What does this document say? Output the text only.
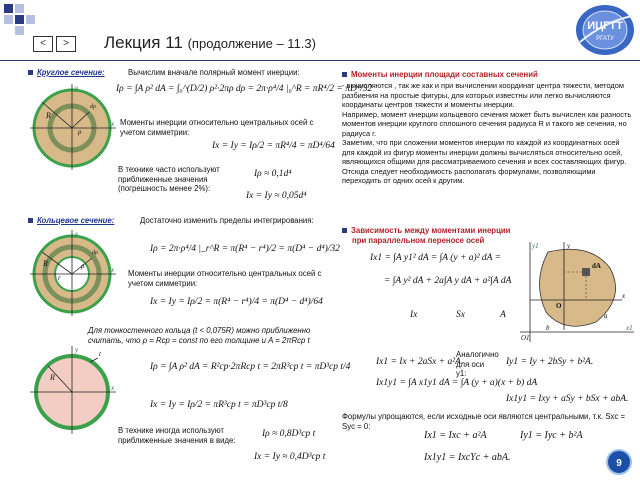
<	>	Лекция 11 (продолжение – 11.3)
ИЦГТТ
РГАТУ
Круглое сечение:	Вычислим вначале полярный момент инерции:
y
x
R
ρ
dρ
Iρ = ∫A ρ² dA = ∫₀^(D/2) ρ²·2πρ dρ = 2π·ρ⁴/4 |₀^R = πR⁴/2 = πD⁴/32
Моменты инерции относительно центральных осей с учетом симметрии:
Ix = Iy = Iρ/2 = πR⁴/4 = πD⁴/64
В технике часто используют приближенные значения (погрешность менее 2%):
Iρ ≈ 0,1d⁴
Ix = Iy ≈ 0,05d⁴
Кольцевое сечение:	Достаточно изменить пределы интегрирования:
y
x
R
r
ρ
dρ	Iρ = 2π·ρ⁴/4 |_r^R = π(R⁴ − r⁴)/2 = π(D⁴ − d⁴)/32
Моменты инерции относительно центральных осей с учетом симметрии:
Ix = Iy = Iρ/2 = π(R⁴ − r⁴)/4 = π(D⁴ − d⁴)/64
Для тонкостенного кольца (t < 0,075R) можно приближенно считать, что ρ = Rср = const по его толщине и A = 2πRср t
y
x
R
t
Iρ = ∫A ρ² dA = R²ср·2πRср t = 2πR³ср t = πD³ср t/4
Ix = Iy = Iρ/2 = πR³ср t = πD³ср t/8
В технике иногда используют приближенные значения в виде:
Iρ ≈ 0,8D³ср t
Ix = Iy ≈ 0,4D³ср t
Моменты инерции площади составных сечений
- вычисляются , так же как и при вычислении координат центра тяжести, методом разбиения на простые фигуры, для которых известны или легко вычисляются координаты центров тяжести и моменты инерции.
Например, момент инерции кольцевого сечения может быть вычислен как разность моментов инерции круглого сплошного сечения радиуса R и такого же сечения, но радиуса r.
Заметим, что при сложении моментов инерции по каждой из координатных осей для каждой из фигур моменты инерции должны вычисляться относительно осей, являющихся общими для рассматриваемого сечения и всех составляющих фигур. Отсюда следует необходимость располагать формулами, позволяющими переходить от одних осей к другим.
Зависимость между моментами инерции
при параллельном переносе осей
Ix1 = ∫A y1² dA = ∫A (y + a)² dA =
= ∫A y² dA + 2a∫A y dA + a²∫A dA
Ix	Sx	A
Ix1 = Ix + 2aSx + a²A.
Аналогично для оси y1:
Iy1 = Iy + 2bSy + b²A.
Ix1y1 = ∫A x1y1 dA = ∫A (y + a)(x + b) dA
Ix1y1 = Ixy + aSy + bSx + abA.
Формулы упрощаются, если исходные оси являются центральными, т.к. Sxc = Syc = 0:
Ix1 = Ixc + a²A	Iy1 = Iyc + b²A
Ix1y1 = IxcYc + abA.
y1
x1
y
x
dA
O
O1
b
a
9
